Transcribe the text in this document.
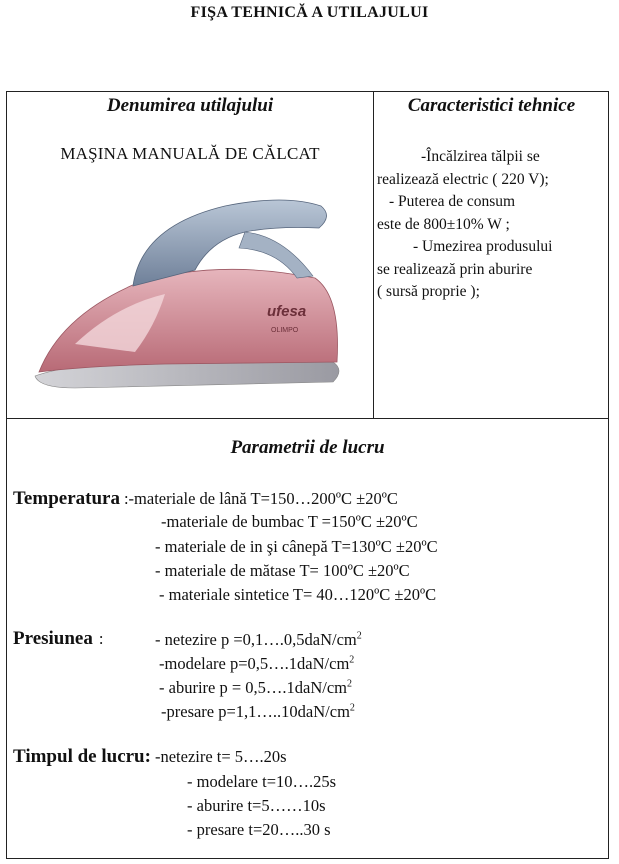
FIŞA TEHNICĂ A UTILAJULUI
Denumirea utilajului	Caracteristici tehnice
MAŞINA MANUALĂ DE CĂLCAT	-Încălzirea tălpii se
realizează electric ( 220 V);
- Puterea de consum
este de 800±10% W ;
- Umezirea produsului
se realizează prin aburire
( sursă proprie );
ufesa
OLIMPO
Parametrii de lucru
Temperatura :-materiale de lână T=150…200ºC ±20ºC
-materiale de bumbac T =150ºC ±20ºC
- materiale de in şi cânepă T=130ºC ±20ºC
- materiale de mătase T= 100ºC ±20ºC
- materiale sintetice T= 40…120ºC ±20ºC
Presiunea :	- netezire $p =0,1\dots.0,5daN/cm^2$
-modelare $p=0,5\dots.1daN/cm^2$
- aburire $p = 0,5\dots.1daN/cm^2$
-presare $p=1,1\dots..10daN/cm^2$
Timpul de lucru: -netezire t= 5….20s
- modelare t=10….25s
- aburire t=5……10s
- presare t=20…..30 s
